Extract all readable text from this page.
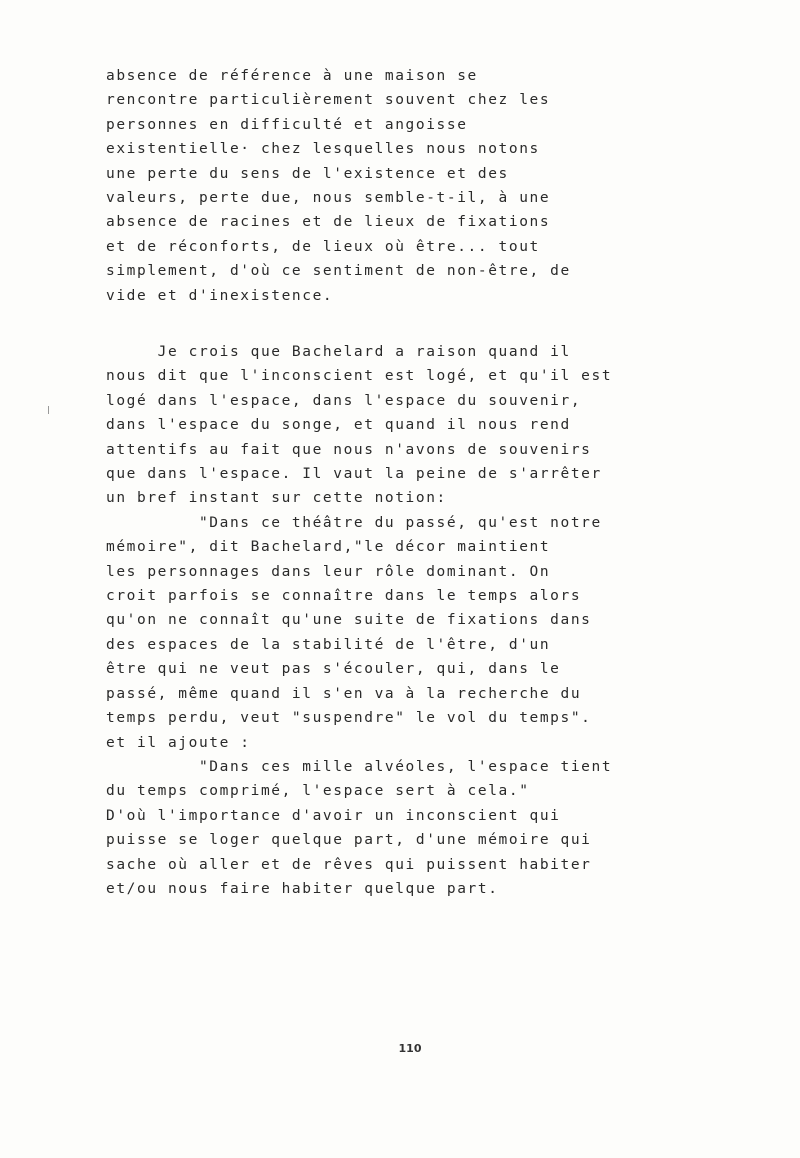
absence de référence à une maison se
rencontre particulièrement souvent chez les
personnes en difficulté et angoisse
existentielle· chez lesquelles nous notons
une perte du sens de l'existence et des
valeurs, perte due, nous semble-t-il, à une
absence de racines et de lieux de fixations
et de réconforts, de lieux où être... tout
simplement, d'où ce sentiment de non-être, de
vide et d'inexistence.
Je crois que Bachelard a raison quand il
nous dit que l'inconscient est logé, et qu'il est
logé dans l'espace, dans l'espace du souvenir,
dans l'espace du songe, et quand il nous rend
attentifs au fait que nous n'avons de souvenirs
que dans l'espace. Il vaut la peine de s'arrêter
un bref instant sur cette notion:
"Dans ce théâtre du passé, qu'est notre
mémoire", dit Bachelard,"le décor maintient
les personnages dans leur rôle dominant. On
croit parfois se connaître dans le temps alors
qu'on ne connaît qu'une suite de fixations dans
des espaces de la stabilité de l'être, d'un
être qui ne veut pas s'écouler, qui, dans le
passé, même quand il s'en va à la recherche du
temps perdu, veut "suspendre" le vol du temps".
et il ajoute :
"Dans ces mille alvéoles, l'espace tient
du temps comprimé, l'espace sert à cela."
D'où l'importance d'avoir un inconscient qui
puisse se loger quelque part, d'une mémoire qui
sache où aller et de rêves qui puissent habiter
et/ou nous faire habiter quelque part.
110
